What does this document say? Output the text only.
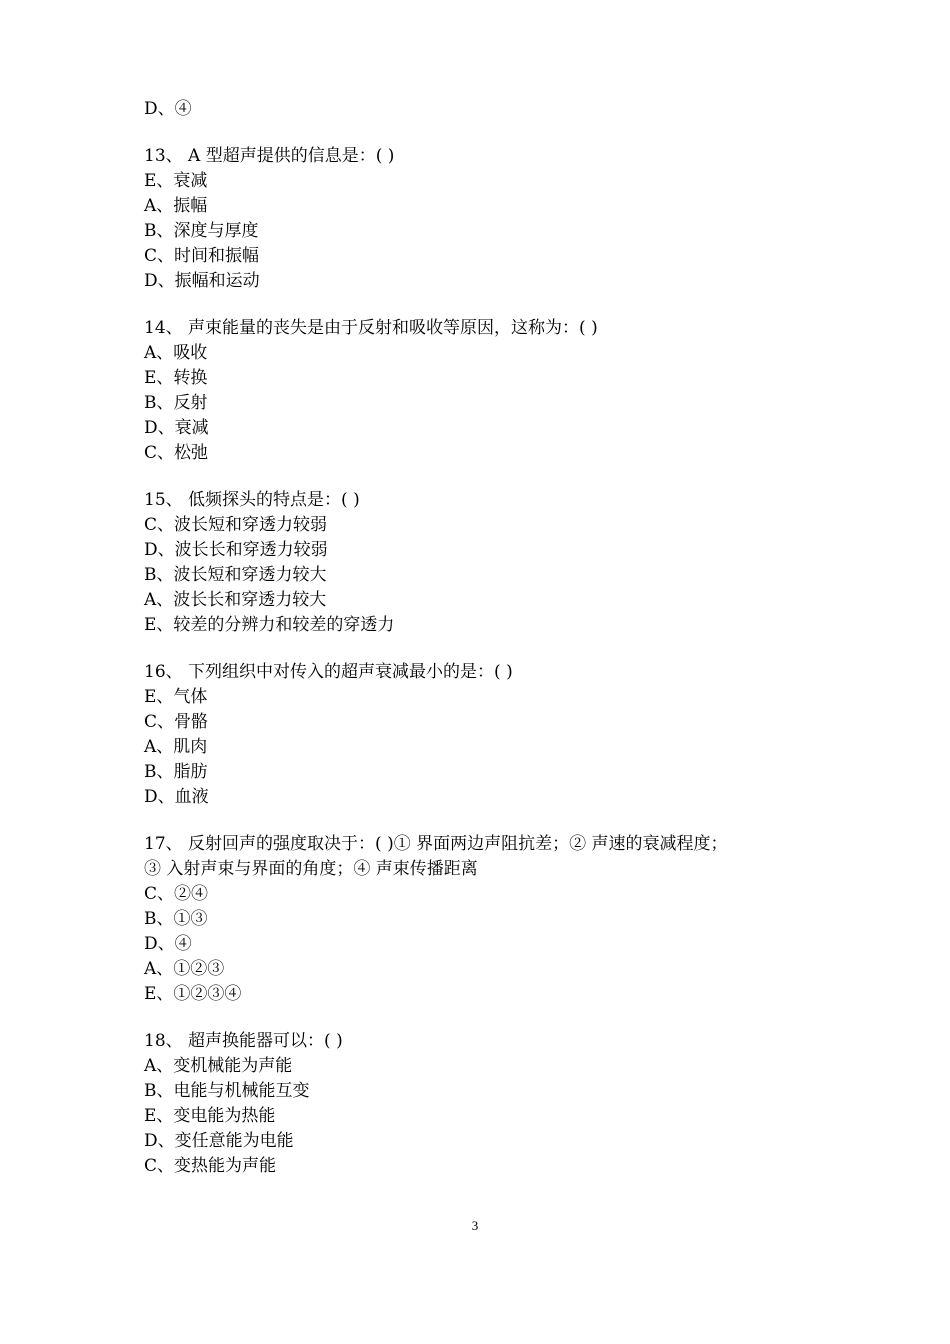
D、④
13、 A 型超声提供的信息是：( )
E、衰减
A、振幅
B、深度与厚度
C、时间和振幅
D、振幅和运动
14、 声束能量的丧失是由于反射和吸收等原因，这称为：( )
A、吸收
E、转换
B、反射
D、衰减
C、松弛
15、 低频探头的特点是：( )
C、波长短和穿透力较弱
D、波长长和穿透力较弱
B、波长短和穿透力较大
A、波长长和穿透力较大
E、较差的分辨力和较差的穿透力
16、 下列组织中对传入的超声衰减最小的是：( )
E、气体
C、骨骼
A、肌肉
B、脂肪
D、血液
17、 反射回声的强度取决于：( )① 界面两边声阻抗差；② 声速的衰减程度；
③ 入射声束与界面的角度；④ 声束传播距离
C、②④
B、①③
D、④
A、①②③
E、①②③④
18、 超声换能器可以：( )
A、变机械能为声能
B、电能与机械能互变
E、变电能为热能
D、变任意能为电能
C、变热能为声能
3
